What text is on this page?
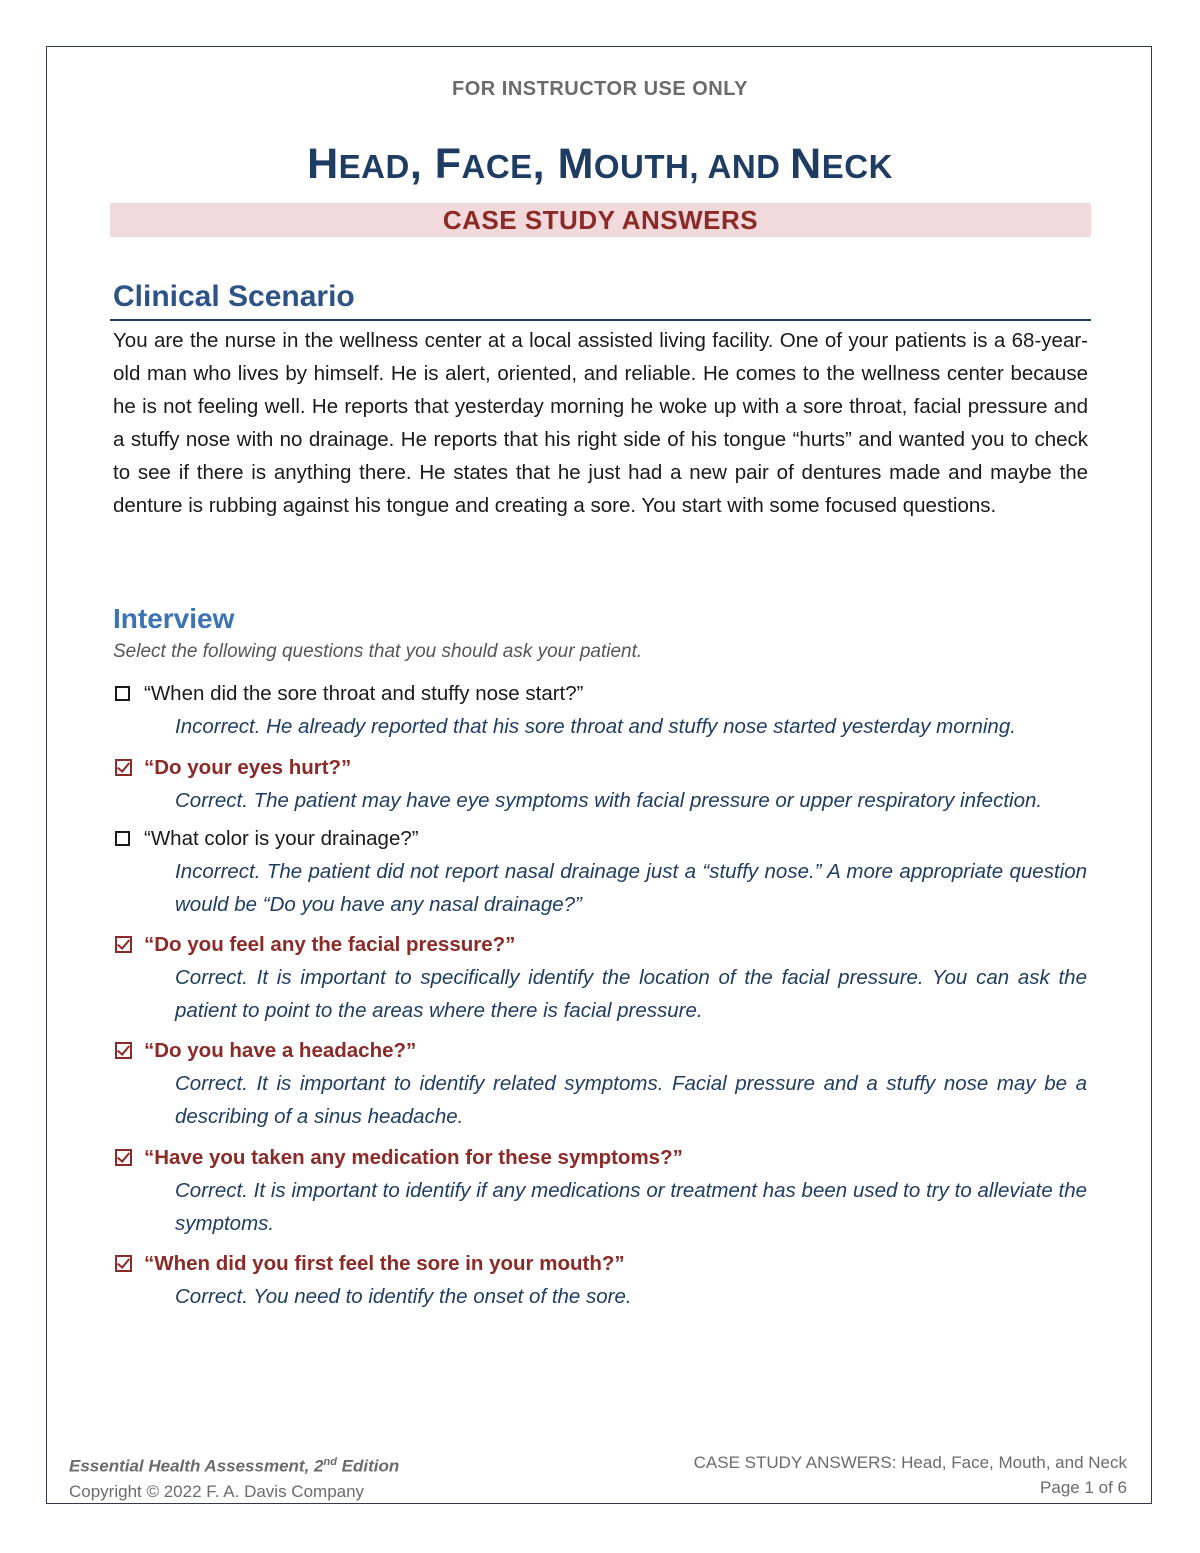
FOR INSTRUCTOR USE ONLY
HEAD, FACE, MOUTH, AND NECK
CASE STUDY ANSWERS
Clinical Scenario

You are the nurse in the wellness center at a local assisted living facility. One of your patients is a 68-year-old man who lives by himself. He is alert, oriented, and reliable. He comes to the wellness center because he is not feeling well. He reports that yesterday morning he woke up with a sore throat, facial pressure and a stuffy nose with no drainage. He reports that his right side of his tongue “hurts” and wanted you to check to see if there is anything there. He states that he just had a new pair of dentures made and maybe the denture is rubbing against his tongue and creating a sore. You start with some focused questions.

Interview
Select the following questions that you should ask your patient.
“When did the sore throat and stuffy nose start?”

Incorrect. He already reported that his sore throat and stuffy nose started yesterday morning.

“Do your eyes hurt?”

Correct. The patient may have eye symptoms with facial pressure or upper respiratory infection.

“What color is your drainage?”

Incorrect. The patient did not report nasal drainage just a “stuffy nose.” A more appropriate question would be “Do you have any nasal drainage?”

“Do you feel any the facial pressure?”

Correct. It is important to specifically identify the location of the facial pressure. You can ask the patient to point to the areas where there is facial pressure.

“Do you have a headache?”

Correct. It is important to identify related symptoms. Facial pressure and a stuffy nose may be a describing of a sinus headache.

“Have you taken any medication for these symptoms?”

Correct. It is important to identify if any medications or treatment has been used to try to alleviate the symptoms.

“When did you first feel the sore in your mouth?”

Correct. You need to identify the onset of the sore.

Essential Health Assessment, 2nd Edition
Copyright © 2022 F. A. Davis Company
CASE STUDY ANSWERS: Head, Face, Mouth, and Neck
Page 1 of 6
